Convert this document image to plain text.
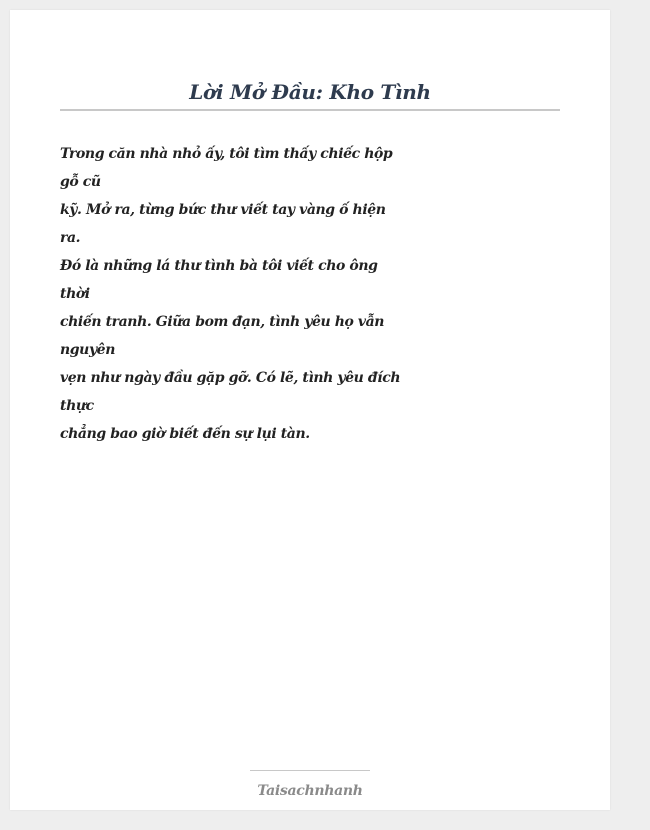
Lời Mở Đầu: Kho Tình
Trong căn nhà nhỏ ấy, tôi tìm thấy chiếc hộp
gỗ cũ
kỹ. Mở ra, từng bức thư viết tay vàng ố hiện
ra.
Đó là những lá thư tình bà tôi viết cho ông
thời
chiến tranh. Giữa bom đạn, tình yêu họ vẫn
nguyên
vẹn như ngày đầu gặp gỡ. Có lẽ, tình yêu đích
thực
chẳng bao giờ biết đến sự lụi tàn.
Taisachnhanh
